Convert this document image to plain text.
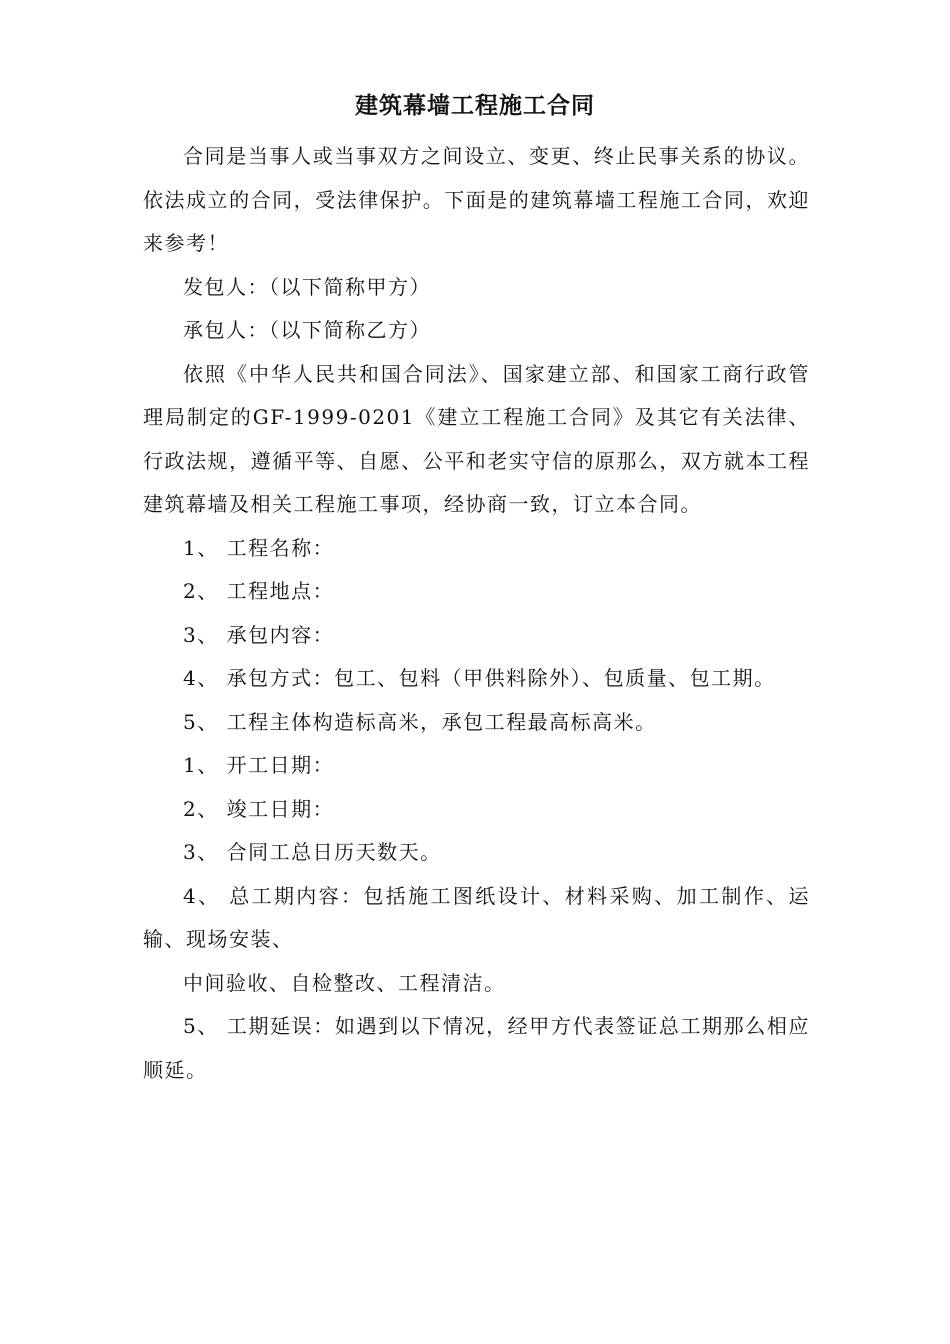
建筑幕墙工程施工合同

合同是当事人或当事双方之间设立、变更、终止民事关系的协议。依法成立的合同，受法律保护。下面是的建筑幕墙工程施工合同，欢迎来参考！

发包人：（以下简称甲方）

承包人：（以下简称乙方）

依照《中华人民共和国合同法》、国家建立部、和国家工商行政管理局制定的GF-1999-0201《建立工程施工合同》及其它有关法律、行政法规，遵循平等、自愿、公平和老实守信的原那么，双方就本工程建筑幕墙及相关工程施工事项，经协商一致，订立本合同。

1、 工程名称：

2、 工程地点：

3、 承包内容：

4、 承包方式：包工、包料（甲供料除外）、包质量、包工期。

5、 工程主体构造标高米，承包工程最高标高米。

1、 开工日期：

2、 竣工日期：

3、 合同工总日历天数天。

4、 总工期内容：包括施工图纸设计、材料采购、加工制作、运输、现场安装、

中间验收、自检整改、工程清洁。

5、 工期延误：如遇到以下情况，经甲方代表签证总工期那么相应顺延。
